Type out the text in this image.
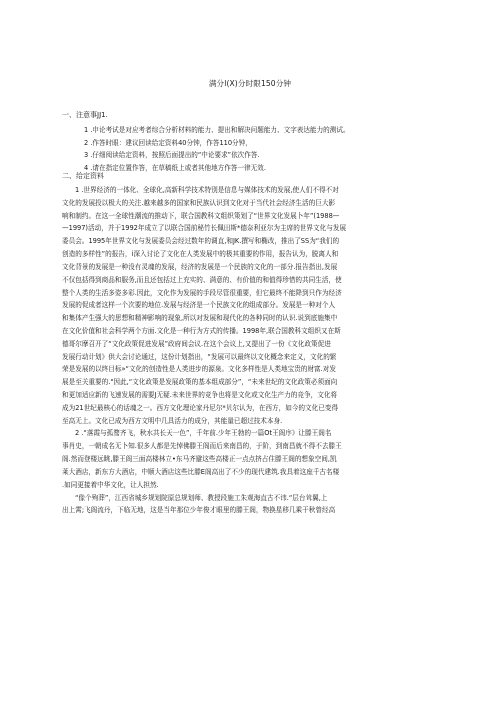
满分l(X)分时限150分钟
一、注意事JJ1.
1 .申论考试是对应考者综合分析材料的能力、提出和解决问题能力、文字表达能力的测试。
2 .作答时眼：建议回读给定资料40分钟，作答110分钟，
3 .仔细阅读给定资料，按照后面提出的“中论要求”依次作答.
4 .请在指定位置作答，在草稿纸上或者其他地方作答一律无效.
二、给定资料
1 .世界经济的一体化、全球化,高新科学技术特别是信息与媒体技术的发展,使人们不得不对
文化的发展投以极大的关注.越来越多的国家和民族认识到文化对于当代社会经济生活的巨大影
响和制约。在这一全球性潮流的推动下，联合国教科文组织策划了“世界文化发展卜年”(1988—
—1997)活动，并于1992年成立了以联合国前秘竹长佩田斯*德奈利亚尔为主席的世界文化与发展
委员会。1995年世界文化与发展委员会经过数年的调直,和JK.撰写和椭改，推出了SS为“我们的
创造的多样性”的报告，i深入讨论了文化在人类发展中的极其重要的作用，报告认为，脱离人和
文化背景的发展是一种没有灵魂的发展，经济的发展是一个民族的文化的一部分.报告指出,发展
不仅包括得到商品和服务,而且还包括过上充实的、满意的、有价值的和值得珍惜的共同生活，使
整个人类的生活多姿多彩.因此，文化作为发展的手段尽管很重要，但它最终不能降到只作为经济
发展的促成者这样一个次要的地位.发展与经济是一个民族文化的组成部分。发展是一种对个人
和集体产生强大的思想和精神影响的现象,所以对发展和现代化的各种同时的认识.说到底施集中
在文化价值和社会科学两个方面.文化是一种行为方式的传播。1998年,联合国教科文组织又在斯
德哥尔摩召开了“文化政策促进发展”政府间会议.在这个会议上,又提出了一份《文化政策促进
发展行动计划》供大会讨论通过，这份计划指出，“发展可以最终以文化概念来定义，文化的繁
荣是发展的以终目标»“文化的创造性是人类进步的源泉。文化多样性是人类地宝贵的财富.对发
展是至关重要的."因此,“文化政策是发展政策的基本组成部分”，“未来世纪的文化政策必须面向
和更加适应新的飞速发展的需要J无疑.未来世界的竞争也将是文化或文化生产力的竞争，文化将
成为21世纪最核心的话魂之一。西方文化理论家丹尼尔*贝尔认为，在西方，如今的文化已变得
至高无上。文化已成为西方文明中几具活力的成分，其能量已超过技术本身.
2 .“落霞与孤鹜齐飞，秋水共长天一色”，千年前.少年王勃的一篇Ot王阁序》让滕王阁名
事肖史，一朝成名无卜知.很多人都是先悼佛滕王阁而后来南昌的，于阶，到南昌就不得不去滕王
阁.然而登楼远眺,滕王阁三面高楼林立•东马齐避这些高楼正一点点挤占住滕王阁的想象空间,凯
莱大酒店，新东方大酒店，中顺大酒店这些比滕E阁高出了不少的现代建筑.我具着这座千古名楼
.如同更接着中华文化，让人担然.
“像个殉葬”，江西省城乡规划院原总规划师、教授段施工朱观海直古不讳.“层台耸翼,上
出上霄;飞阁流丹，下临无地，这是当年那位少年俊才眼里的滕王阁，物换星移几乘干秋曾经高
